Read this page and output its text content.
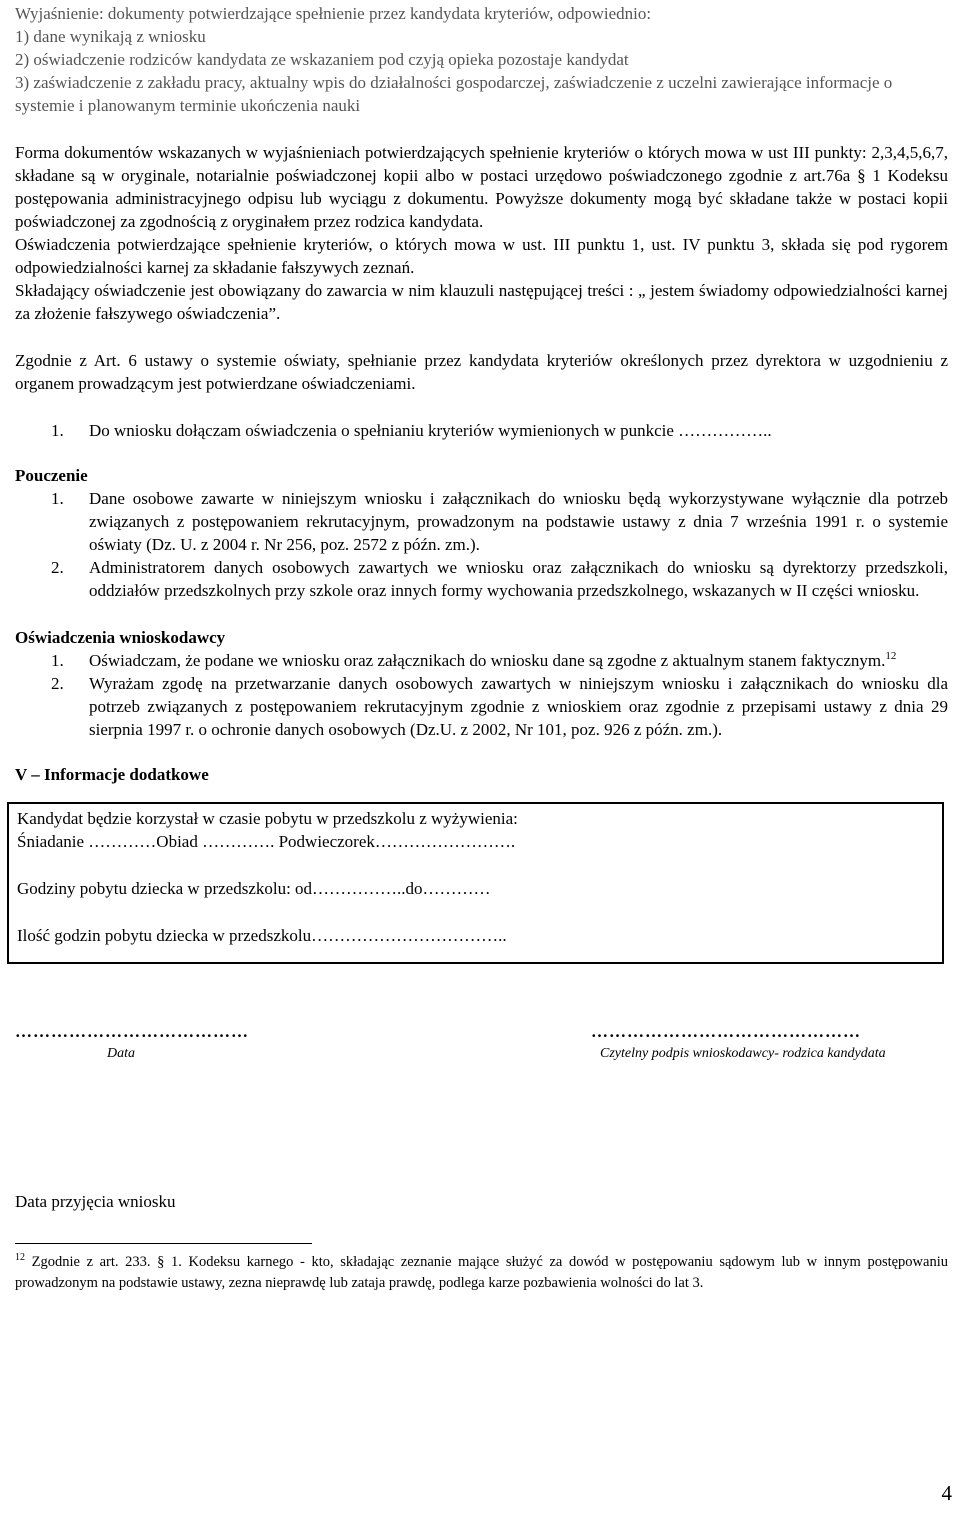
Wyjaśnienie: dokumenty potwierdzające spełnienie przez kandydata kryteriów, odpowiednio:

1) dane wynikają z wniosku

2) oświadczenie rodziców kandydata ze wskazaniem pod czyją opieka pozostaje kandydat

3) zaświadczenie z zakładu pracy, aktualny wpis do działalności gospodarczej, zaświadczenie z uczelni zawierające informacje o systemie i planowanym terminie ukończenia nauki

Forma dokumentów wskazanych w wyjaśnieniach potwierdzających spełnienie kryteriów o których mowa w ust III punkty: 2,3,4,5,6,7, składane są w oryginale, notarialnie poświadczonej kopii albo w postaci urzędowo poświadczonego zgodnie z art.76a § 1 Kodeksu postępowania administracyjnego odpisu lub wyciągu z dokumentu. Powyższe dokumenty mogą być składane także w postaci kopii poświadczonej za zgodnością z oryginałem przez rodzica kandydata.

Oświadczenia potwierdzające spełnienie kryteriów, o których mowa w ust. III punktu 1, ust. IV punktu 3, składa się pod rygorem odpowiedzialności karnej za składanie fałszywych zeznań.

Składający oświadczenie jest obowiązany do zawarcia w nim klauzuli następującej treści : „ jestem świadomy odpowiedzialności karnej za złożenie fałszywego oświadczenia”.

Zgodnie z Art. 6 ustawy o systemie oświaty, spełnianie przez kandydata kryteriów określonych przez dyrektora w uzgodnieniu z organem prowadzącym jest potwierdzane oświadczeniami.

1. Do wniosku dołączam oświadczenia o spełnianiu kryteriów wymienionych w punkcie ……………..

Pouczenie

1. Dane osobowe zawarte w niniejszym wniosku i załącznikach do wniosku będą wykorzystywane wyłącznie dla potrzeb związanych z postępowaniem rekrutacyjnym, prowadzonym na podstawie ustawy z dnia 7 września 1991 r. o systemie oświaty (Dz. U. z 2004 r. Nr 256, poz. 2572 z późn. zm.).

2. Administratorem danych osobowych zawartych we wniosku oraz załącznikach do wniosku są dyrektorzy przedszkoli, oddziałów przedszkolnych przy szkole oraz innych formy wychowania przedszkolnego, wskazanych w II części wniosku.

Oświadczenia wnioskodawcy

1. Oświadczam, że podane we wniosku oraz załącznikach do wniosku dane są zgodne z aktualnym stanem faktycznym.$^{12}$

2. Wyrażam zgodę na przetwarzanie danych osobowych zawartych w niniejszym wniosku i załącznikach do wniosku dla potrzeb związanych z postępowaniem rekrutacyjnym zgodnie z wnioskiem oraz zgodnie z przepisami ustawy z dnia 29 sierpnia 1997 r. o ochronie danych osobowych (Dz.U. z 2002, Nr 101, poz. 926 z późn. zm.).

V – Informacje dodatkowe

Kandydat będzie korzystał w czasie pobytu w przedszkolu z wyżywienia:

Śniadanie …………Obiad …………. Podwieczorek…………………….

Godziny pobytu dziecka w przedszkolu: od……………..do…………

Ilość godzin pobytu dziecka w przedszkolu……………………………..

…………………………………
Data
………………………………………
Czytelny podpis wnioskodawcy- rodzica kandydata

Data przyjęcia wniosku

$^{12}$ Zgodnie z art. 233. § 1. Kodeksu karnego - kto, składając zeznanie mające służyć za dowód w postępowaniu sądowym lub w innym postępowaniu prowadzonym na podstawie ustawy, zezna nieprawdę lub zataja prawdę, podlega karze pozbawienia wolności do lat 3.

4
